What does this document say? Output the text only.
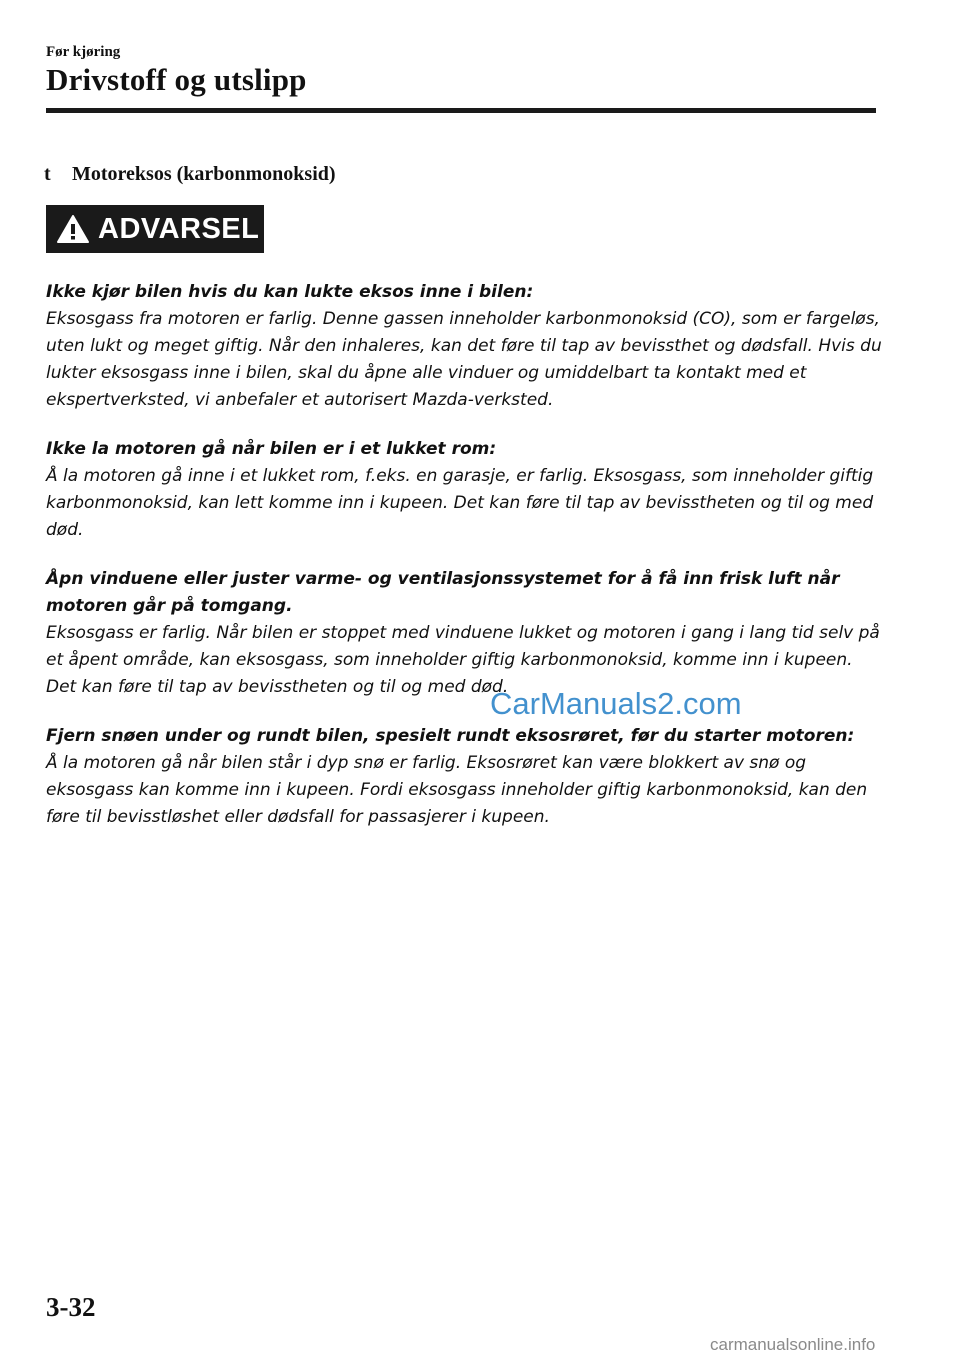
Før kjøring
Drivstoff og utslipp
t	Motoreksos (karbonmonoksid)
ADVARSEL
Ikke kjør bilen hvis du kan lukte eksos inne i bilen:
Eksosgass fra motoren er farlig. Denne gassen inneholder karbonmonoksid (CO), som er fargeløs, uten lukt og meget giftig. Når den inhaleres, kan det føre til tap av bevissthet og dødsfall. Hvis du lukter eksosgass inne i bilen, skal du åpne alle vinduer og umiddelbart ta kontakt med et ekspertverksted, vi anbefaler et autorisert Mazda-verksted.
Ikke la motoren gå når bilen er i et lukket rom:
Å la motoren gå inne i et lukket rom, f.eks. en garasje, er farlig. Eksosgass, som inneholder giftig karbonmonoksid, kan lett komme inn i kupeen. Det kan føre til tap av bevisstheten og til og med død.
Åpn vinduene eller juster varme- og ventilasjonssystemet for å få inn frisk luft når motoren går på tomgang.
Eksosgass er farlig. Når bilen er stoppet med vinduene lukket og motoren i gang i lang tid selv på et åpent område, kan eksosgass, som inneholder giftig karbonmonoksid, komme inn i kupeen. Det kan føre til tap av bevisstheten og til og med død.
Fjern snøen under og rundt bilen, spesielt rundt eksosrøret, før du starter motoren:
Å la motoren gå når bilen står i dyp snø er farlig. Eksosrøret kan være blokkert av snø og eksosgass kan komme inn i kupeen. Fordi eksosgass inneholder giftig karbonmonoksid, kan den føre til bevisstløshet eller dødsfall for passasjerer i kupeen.
CarManuals2.com
3-32
carmanualsonline.info
